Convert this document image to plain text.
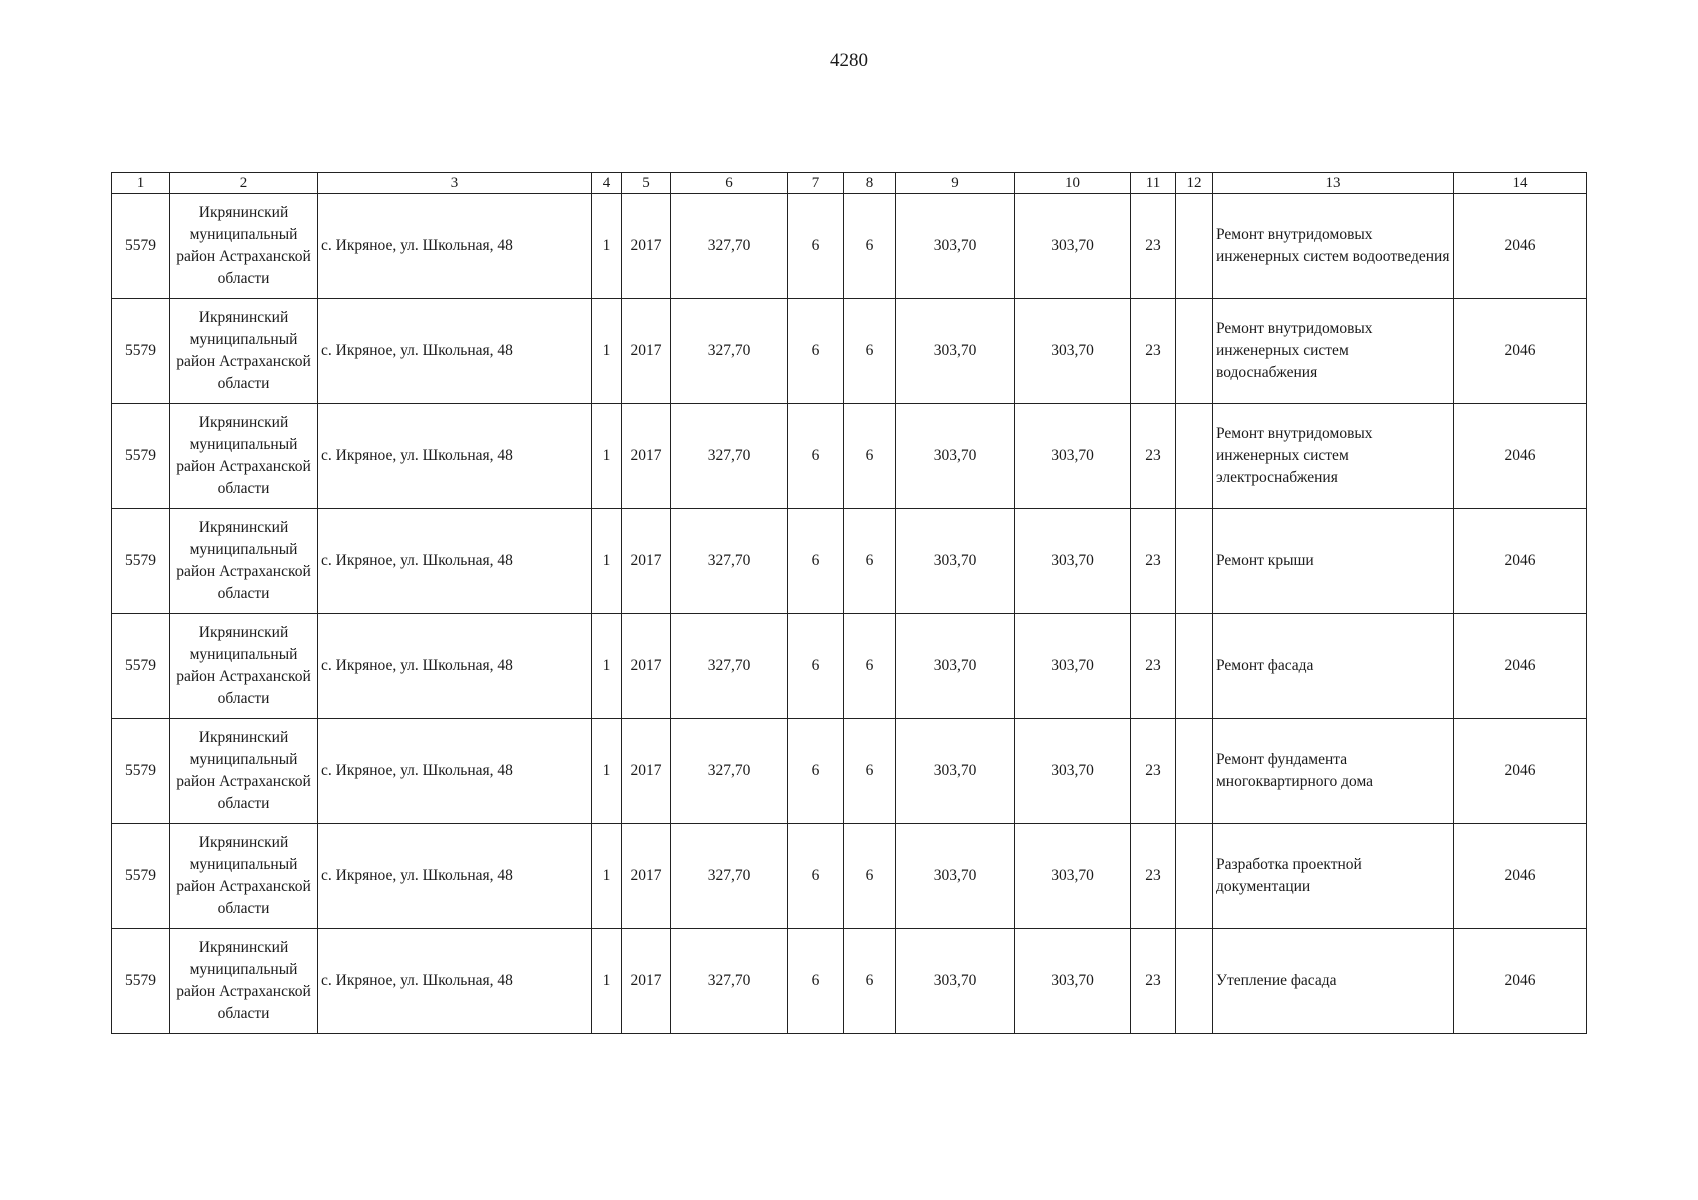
4280
1	2	3	4	5	6	7	8	9	10	11	12	13	14
5579	Икрянинский муниципальный район Астраханской области	с. Икряное, ул. Школьная, 48	1	2017	327,70	6	6	303,70	303,70	23		Ремонт внутридомовых инженерных систем водоотведения	2046
5579	Икрянинский муниципальный район Астраханской области	с. Икряное, ул. Школьная, 48	1	2017	327,70	6	6	303,70	303,70	23		Ремонт внутридомовых инженерных систем водоснабжения	2046
5579	Икрянинский муниципальный район Астраханской области	с. Икряное, ул. Школьная, 48	1	2017	327,70	6	6	303,70	303,70	23		Ремонт внутридомовых инженерных систем электроснабжения	2046
5579	Икрянинский муниципальный район Астраханской области	с. Икряное, ул. Школьная, 48	1	2017	327,70	6	6	303,70	303,70	23		Ремонт крыши	2046
5579	Икрянинский муниципальный район Астраханской области	с. Икряное, ул. Школьная, 48	1	2017	327,70	6	6	303,70	303,70	23		Ремонт фасада	2046
5579	Икрянинский муниципальный район Астраханской области	с. Икряное, ул. Школьная, 48	1	2017	327,70	6	6	303,70	303,70	23		Ремонт фундамента многоквартирного дома	2046
5579	Икрянинский муниципальный район Астраханской области	с. Икряное, ул. Школьная, 48	1	2017	327,70	6	6	303,70	303,70	23		Разработка проектной документации	2046
5579	Икрянинский муниципальный район Астраханской области	с. Икряное, ул. Школьная, 48	1	2017	327,70	6	6	303,70	303,70	23		Утепление фасада	2046
